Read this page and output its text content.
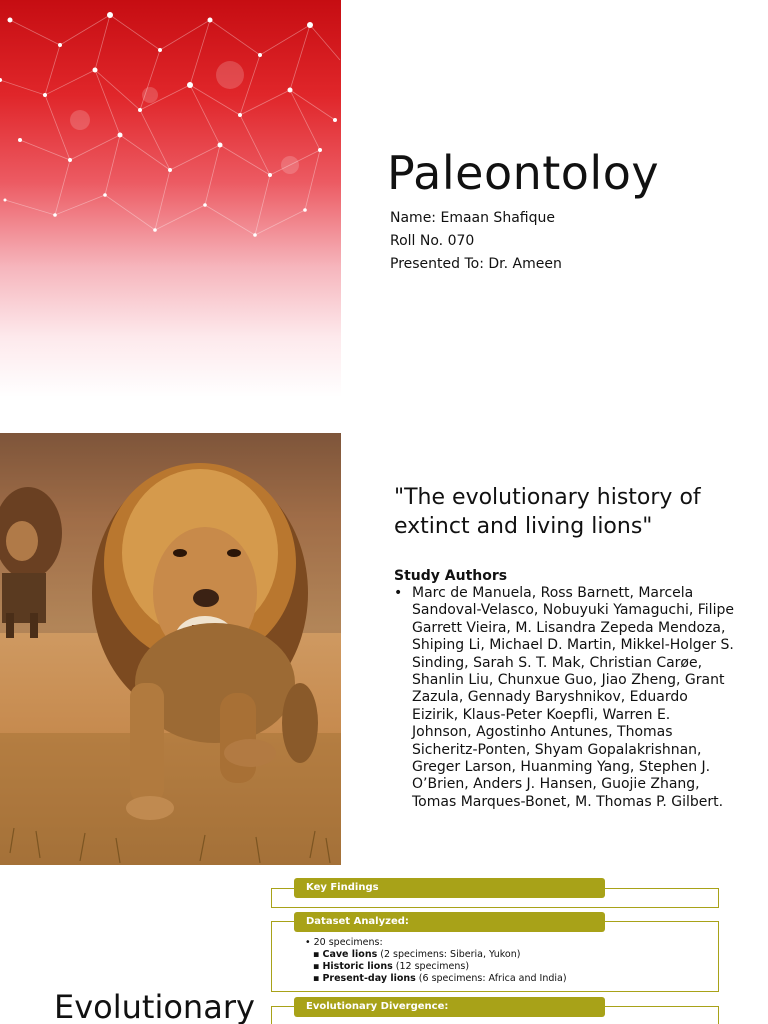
Paleontoloy
Name: Emaan Shafique
Roll No. 070
Presented To: Dr. Ameen
"The evolutionary history of extinct and living lions"
Study Authors
• Marc de Manuela, Ross Barnett, Marcela Sandoval-Velasco, Nobuyuki Yamaguchi, Filipe Garrett Vieira, M. Lisandra Zepeda Mendoza, Shiping Li, Michael D. Martin, Mikkel-Holger S. Sinding, Sarah S. T. Mak, Christian Carøe, Shanlin Liu, Chunxue Guo, Jiao Zheng, Grant Zazula, Gennady Baryshnikov, Eduardo Eizirik, Klaus-Peter Koepfli, Warren E. Johnson, Agostinho Antunes, Thomas Sicheritz-Ponten, Shyam Gopalakrishnan, Greger Larson, Huanming Yang, Stephen J. O’Brien, Anders J. Hansen, Guojie Zhang, Tomas Marques-Bonet, M. Thomas P. Gilbert.
Evolutionary
Key Findings
Dataset Analyzed:
• 20 specimens:
▪ Cave lions (2 specimens: Siberia, Yukon)
▪ Historic lions (12 specimens)
▪ Present-day lions (6 specimens: Africa and India)
Evolutionary Divergence:
